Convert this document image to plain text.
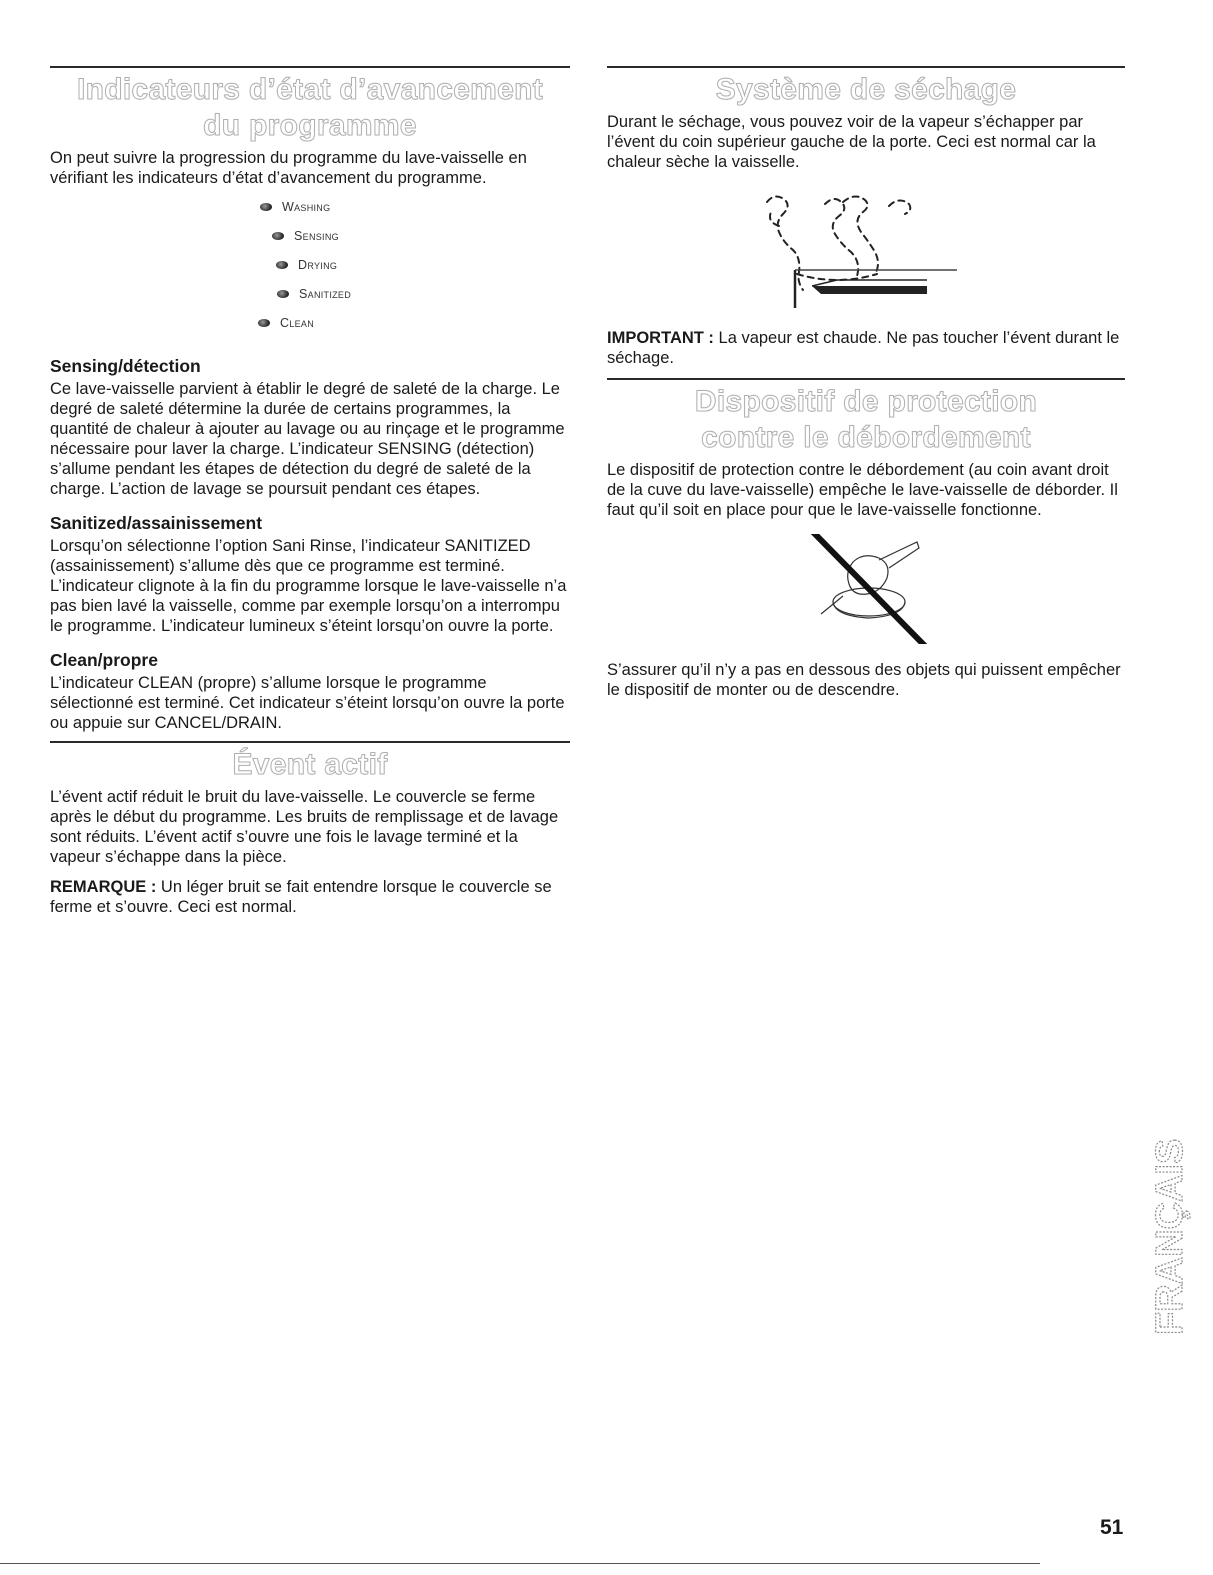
Indicateurs d’état d’avancement
du programme

On peut suivre la progression du programme du lave-vaisselle en vérifiant les indicateurs d’état d’avancement du programme.

Washing
Sensing
Drying
Sanitized
Clean
Sensing/détection

Ce lave-vaisselle parvient à établir le degré de saleté de la charge. Le degré de saleté détermine la durée de certains programmes, la quantité de chaleur à ajouter au lavage ou au rinçage et le programme nécessaire pour laver la charge. L’indicateur SENSING (détection) s’allume pendant les étapes de détection du degré de saleté de la charge. L’action de lavage se poursuit pendant ces étapes.

Sanitized/assainissement

Lorsqu’on sélectionne l’option Sani Rinse, l’indicateur SANITIZED (assainissement) s’allume dès que ce programme est terminé. L’indicateur clignote à la fin du programme lorsque le lave-vaisselle n’a pas bien lavé la vaisselle, comme par exemple lorsqu’on a interrompu le programme. L’indicateur lumineux s’éteint lorsqu’on ouvre la porte.

Clean/propre

L’indicateur CLEAN (propre) s’allume lorsque le programme sélectionné est terminé. Cet indicateur s’éteint lorsqu’on ouvre la porte ou appuie sur CANCEL/DRAIN.

Évent actif

L’évent actif réduit le bruit du lave-vaisselle. Le couvercle se ferme après le début du programme. Les bruits de remplissage et de lavage sont réduits. L’évent actif s’ouvre une fois le lavage terminé et la vapeur s’échappe dans la pièce.

REMARQUE : Un léger bruit se fait entendre lorsque le couvercle se ferme et s’ouvre. Ceci est normal.

Système de séchage

Durant le séchage, vous pouvez voir de la vapeur s’échapper par l’évent du coin supérieur gauche de la porte. Ceci est normal car la chaleur sèche la vaisselle.

IMPORTANT : La vapeur est chaude. Ne pas toucher l’évent durant le séchage.

Dispositif de protection
contre le débordement

Le dispositif de protection contre le débordement (au coin avant droit de la cuve du lave-vaisselle) empêche le lave-vaisselle de déborder. Il faut qu’il soit en place pour que le lave-vaisselle fonctionne.

S’assurer qu’il n’y a pas en dessous des objets qui puissent empêcher le dispositif de monter ou de descendre.

FRANÇAIS
51
